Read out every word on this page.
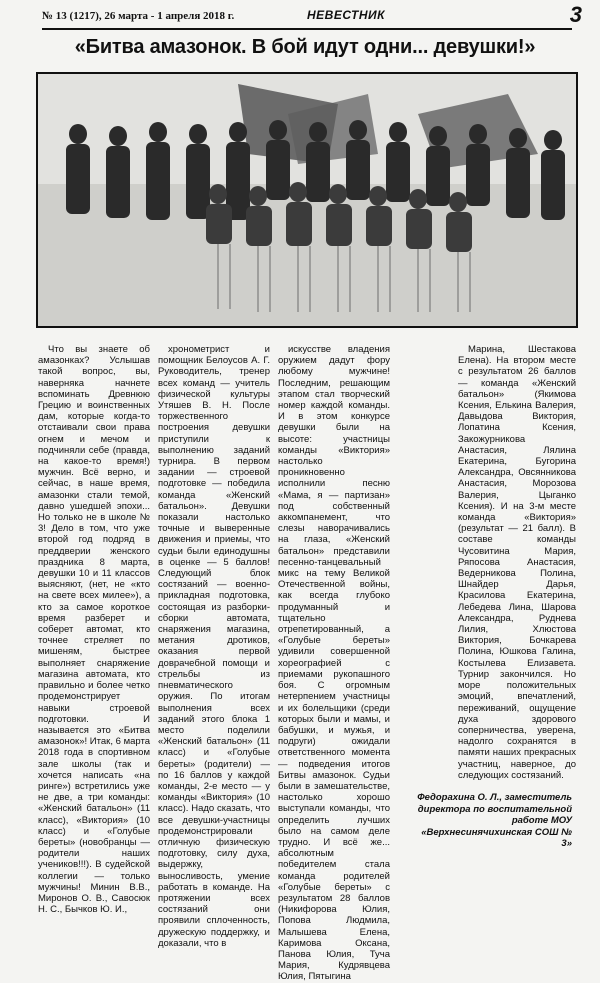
№ 13 (1217), 26 марта - 1 апреля 2018 г.	НЕВЕСТНИК	3
«Битва амазонок. В бой идут одни... девушки!»

Что вы знаете об амазонках? Услышав такой вопрос, вы, наверняка начнете вспоминать Древнюю Грецию и воинственных дам, которые когда-то отстаивали свои права огнем и мечом и подчиняли себе (правда, на какое-то время!) мужчин. Всё верно, и сейчас, в наше время, амазонки стали темой, давно ушедшей эпохи... Но только не в школе № 3! Дело в том, что уже второй год подряд в преддверии женского праздника 8 марта, девушки 10 и 11 классов выясняют, (нет, не «кто на свете всех милее»), а кто за самое короткое время разберет и соберет автомат, кто точнее стреляет по мишеням, быстрее выполняет снаряжение магазина автомата, кто правильно и более четко продемонстрирует навыки строевой подготовки. И называется это «Битва амазонок»! Итак, 6 марта 2018 года в спортивном зале школы (так и хочется написать «на ринге») встретились уже не две, а три команды: «Женский батальон» (11 класс), «Виктория» (10 класс) и «Голубые береты» (новобранцы — родители наших учеников!!!). В судейской коллегии — только мужчины! Минин В.В., Миронов О. В., Савосюк Н. С., Бычков Ю. И.,

хронометрист и помощник Белоусов А. Г. Руководитель, тренер всех команд — учитель физической культуры Утяшев В. Н. После торжественного построения девушки приступили к выполнению заданий турнира. В первом задании — строевой подготовке — победила команда «Женский батальон». Девушки показали настолько точные и выверенные движения и приемы, что судьи были единодушны в оценке — 5 баллов! Следующий блок состязаний — военно-прикладная подготовка, состоящая из разборки-сборки автомата, снаряжения магазина, метания дротиков, оказания первой доврачебной помощи и стрельбы из пневматического оружия. По итогам выполнения всех заданий этого блока 1 место поделили «Женский батальон» (11 класс) и «Голубые береты» (родители) — по 16 баллов у каждой команды, 2-е место — у команды «Виктория» (10 класс). Надо сказать, что все девушки-участницы продемонстрировали отличную физическую подготовку, силу духа, выдержку, выносливость, умение работать в команде. На протяжении всех состязаний они проявили сплоченность, дружескую поддержку, и доказали, что в

искусстве владения оружием дадут фору любому мужчине! Последним, решающим этапом стал творческий номер каждой команды. И в этом конкурсе девушки были на высоте: участницы команды «Виктория» настолько проникновенно исполнили песню «Мама, я — партизан» под собственный аккомпанемент, что слезы наворачивались на глаза, «Женский батальон» представили песенно-танцевальный микс на тему Великой Отечественной войны, как всегда глубоко продуманный и тщательно отрепетированный, а «Голубые береты» удивили совершенной хореографией с приемами рукопашного боя. С огромным нетерпением участницы и их болельщики (среди которых были и мамы, и бабушки, и мужья, и подруги) ожидали ответственного момента — подведения итогов Битвы амазонок. Судьи были в замешательстве, настолько хорошо выступали команды, что определить лучших было на самом деле трудно. И всё же... абсолютным победителем стала команда родителей «Голубые береты» с результатом 28 баллов (Никифорова Юлия, Попова Людмила, Малышева Елена, Каримова Оксана, Панова Юлия, Туча Мария, Кудрявцева Юлия, Пятыгина

Марина, Шестакова Елена). На втором месте с результатом 26 баллов — команда «Женский батальон» (Якимова Ксения, Елькина Валерия, Давыдова Виктория, Лопатина Ксения, Закожурникова Анастасия, Лялина Екатерина, Бугорина Александра, Овсянникова Анастасия, Морозова Валерия, Цыганко Ксения). И на 3-м месте команда «Виктория» (результат — 21 балл). В составе команды Чусовитина Мария, Ряпосова Анастасия, Ведерникова Полина, Шнайдер Дарья, Красилова Екатерина, Лебедева Лина, Шарова Александра, Руднева Лилия, Хлюстова Виктория, Бочкарева Полина, Юшкова Галина, Костылева Елизавета. Турнир закончился. Но море положительных эмоций, впечатлений, переживаний, ощущение духа здорового соперничества, уверена, надолго сохранятся в памяти наших прекрасных участниц, наверное, до следующих состязаний.

Федорахина О. Л., заместитель директора по воспитательной работе МОУ «Верхнесинячихинская СОШ № 3»
